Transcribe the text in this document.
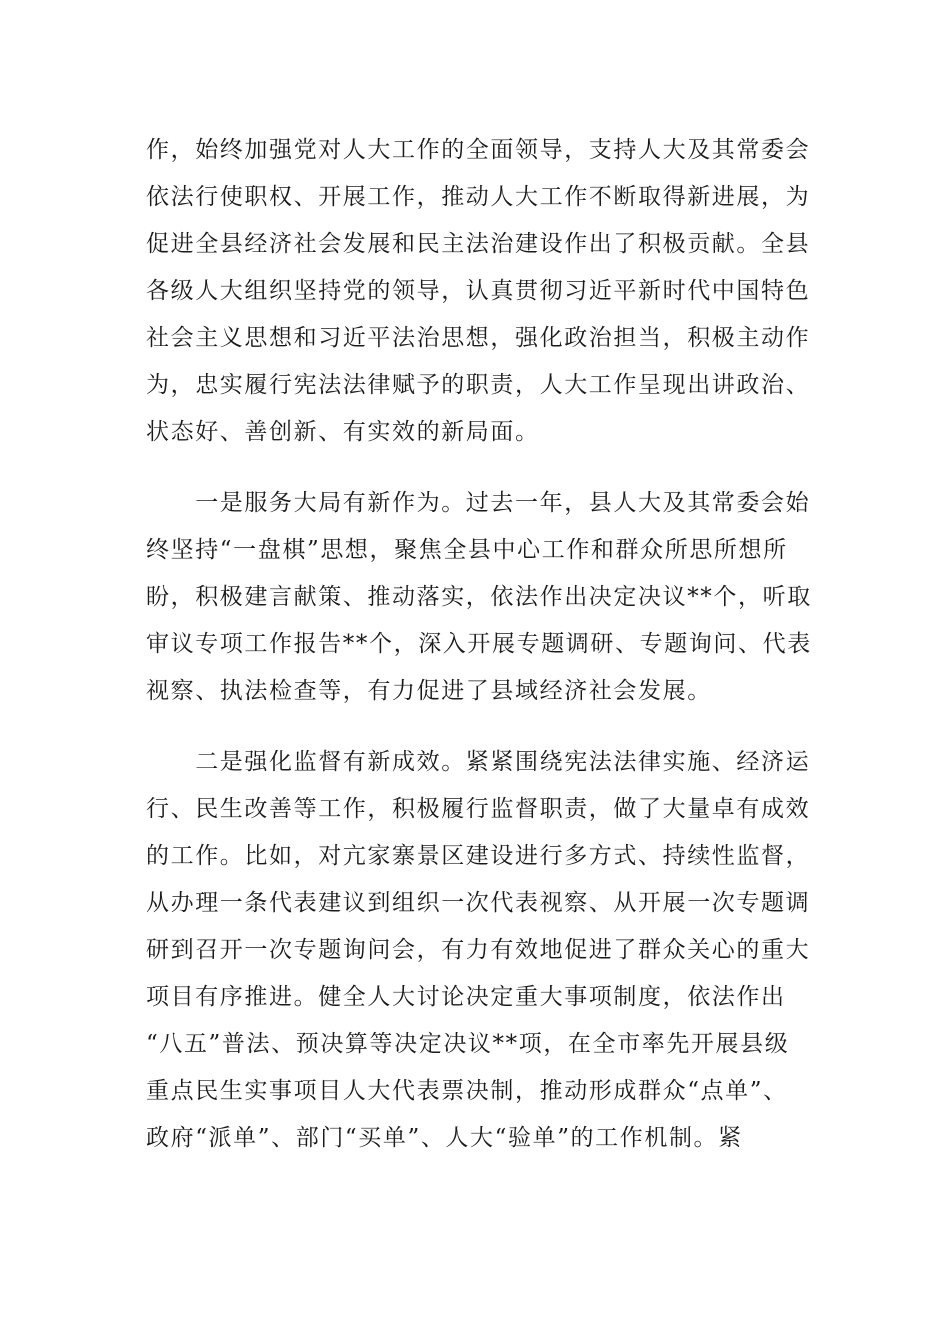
作，始终加强党对人大工作的全面领导，支持人大及其常委会
依法行使职权、开展工作，推动人大工作不断取得新进展，为
促进全县经济社会发展和民主法治建设作出了积极贡献。全县
各级人大组织坚持党的领导，认真贯彻习近平新时代中国特色
社会主义思想和习近平法治思想，强化政治担当，积极主动作
为，忠实履行宪法法律赋予的职责，人大工作呈现出讲政治、
状态好、善创新、有实效的新局面。
　　一是服务大局有新作为。过去一年，县人大及其常委会始
终坚持“一盘棋”思想，聚焦全县中心工作和群众所思所想所
盼，积极建言献策、推动落实，依法作出决定决议**个，听取
审议专项工作报告**个，深入开展专题调研、专题询问、代表
视察、执法检查等，有力促进了县域经济社会发展。
　　二是强化监督有新成效。紧紧围绕宪法法律实施、经济运
行、民生改善等工作，积极履行监督职责，做了大量卓有成效
的工作。比如，对亢家寨景区建设进行多方式、持续性监督，
从办理一条代表建议到组织一次代表视察、从开展一次专题调
研到召开一次专题询问会，有力有效地促进了群众关心的重大
项目有序推进。健全人大讨论决定重大事项制度，依法作出
“八五”普法、预决算等决定决议**项，在全市率先开展县级
重点民生实事项目人大代表票决制，推动形成群众“点单”、
政府“派单”、部门“买单”、人大“验单”的工作机制。紧
